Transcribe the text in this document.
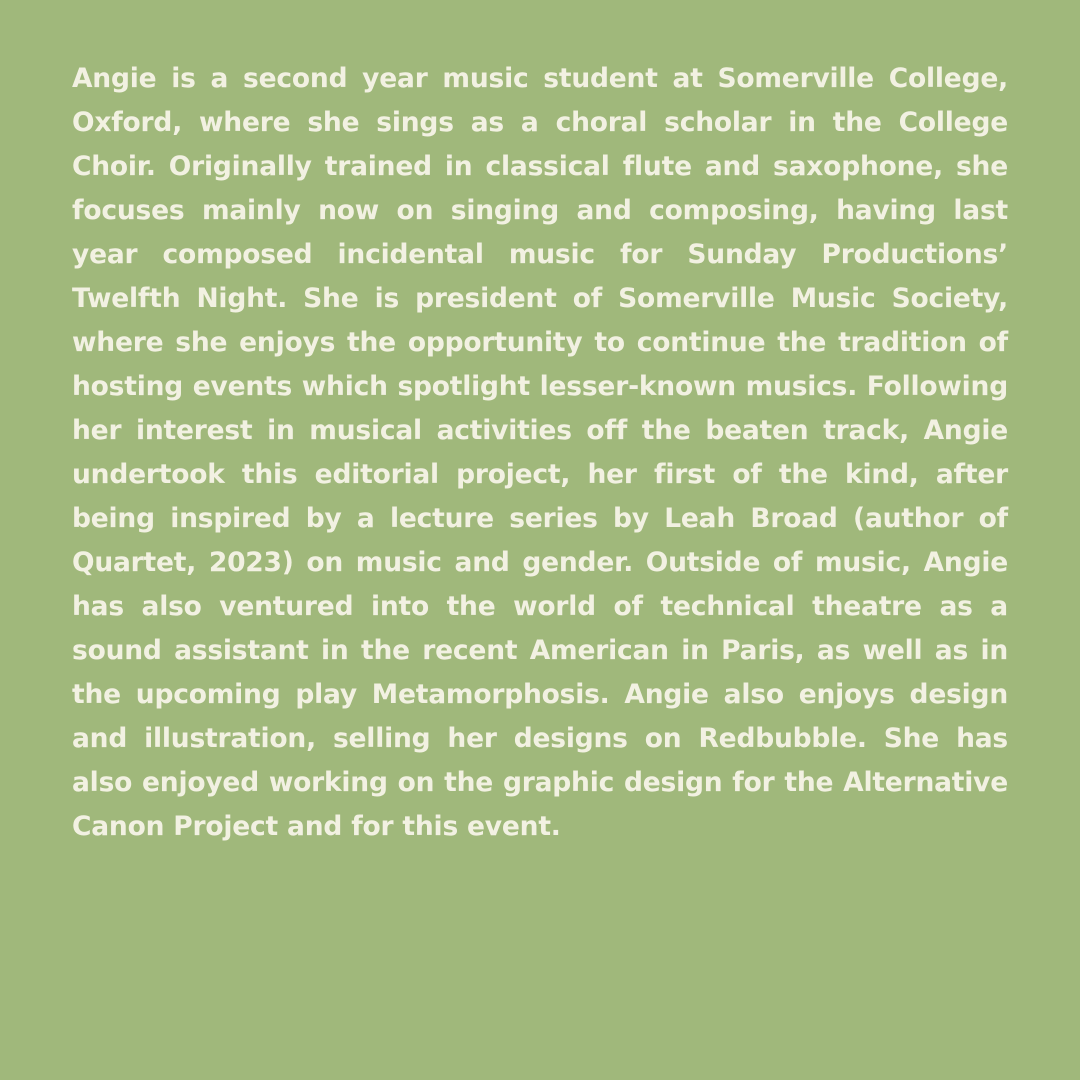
Angie is a second year music student at Somerville College, Oxford, where she sings as a choral scholar in the College Choir. Originally trained in classical flute and saxophone, she focuses mainly now on singing and composing, having last year composed incidental music for Sunday Productions’ Twelfth Night. She is president of Somerville Music Society, where she enjoys the opportunity to continue the tradition of hosting events which spotlight lesser-known musics. Following her interest in musical activities off the beaten track, Angie undertook this editorial project, her first of the kind, after being inspired by a lecture series by Leah Broad (author of Quartet, 2023) on music and gender. Outside of music, Angie has also ventured into the world of technical theatre as a sound assistant in the recent American in Paris, as well as in the upcoming play Metamorphosis. Angie also enjoys design and illustration, selling her designs on Redbubble. She has also enjoyed working on the graphic design for the Alternative Canon Project and for this event.
